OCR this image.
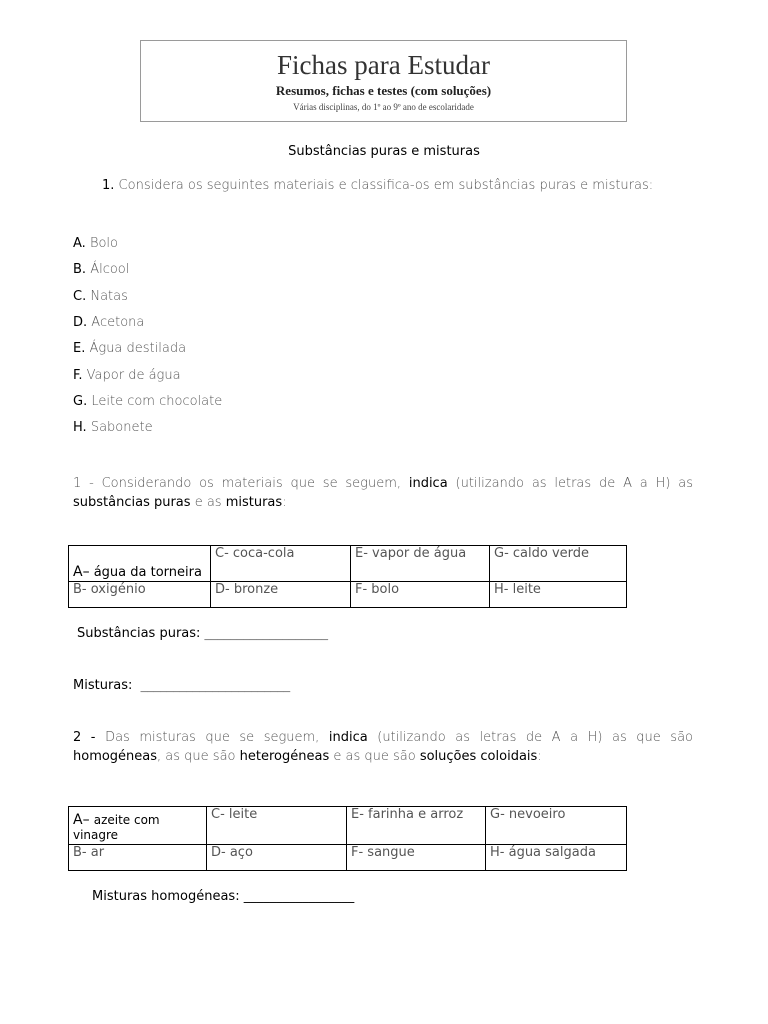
Fichas para Estudar
Resumos, fichas e testes (com soluções)
Várias disciplinas, do 1º ao 9º ano de escolaridade
Substâncias puras e misturas
1. Considera os seguintes materiais e classifica-os em substâncias puras e misturas:
A. Bolo
B. Álcool
C. Natas
D. Acetona
E. Água destilada
F. Vapor de água
G. Leite com chocolate
H. Sabonete
1 - Considerando os materiais que se seguem, indica (utilizando as letras de A a H) as substâncias puras e as misturas:
A– água da torneira	C- coca-cola	E- vapor de água	G- caldo verde
B- oxigénio	D- bronze	F- bolo	H- leite
Substâncias puras: ___________________
Misturas: _______________________
2 - Das misturas que se seguem, indica (utilizando as letras de A a H) as que são homogéneas, as que são heterogéneas e as que são soluções coloidais:
A– azeite com vinagre	C- leite	E- farinha e arroz	G- nevoeiro
B- ar	D- aço	F- sangue	H- água salgada
Misturas homogéneas: _________________
